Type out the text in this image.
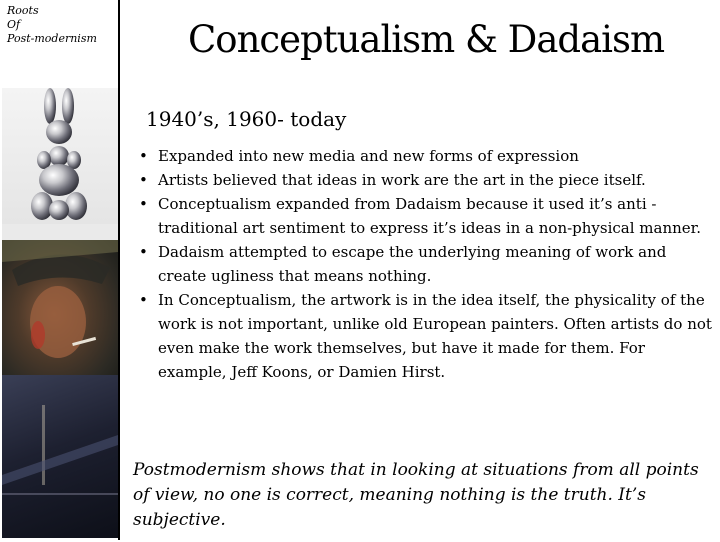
Roots
Of
Post-modernism Conceptualism & Dadaism
1940’s, 1960- today
• Expanded into new media and new forms of expression
• Artists believed that ideas in work are the art in the piece itself.
• Conceptualism expanded from Dadaism because it used it’s anti -traditional art sentiment to express it’s ideas in a non-physical manner.
• Dadaism attempted to escape the underlying meaning of work and create ugliness that means nothing.
• In Conceptualism, the artwork is in the idea itself, the physicality of the work is not important, unlike old European painters. Often artists do not even make the work themselves, but have it made for them. For example, Jeff Koons, or Damien Hirst.
Postmodernism shows that in looking at situations from all points of view, no one is correct, meaning nothing is the truth. It’s subjective.
